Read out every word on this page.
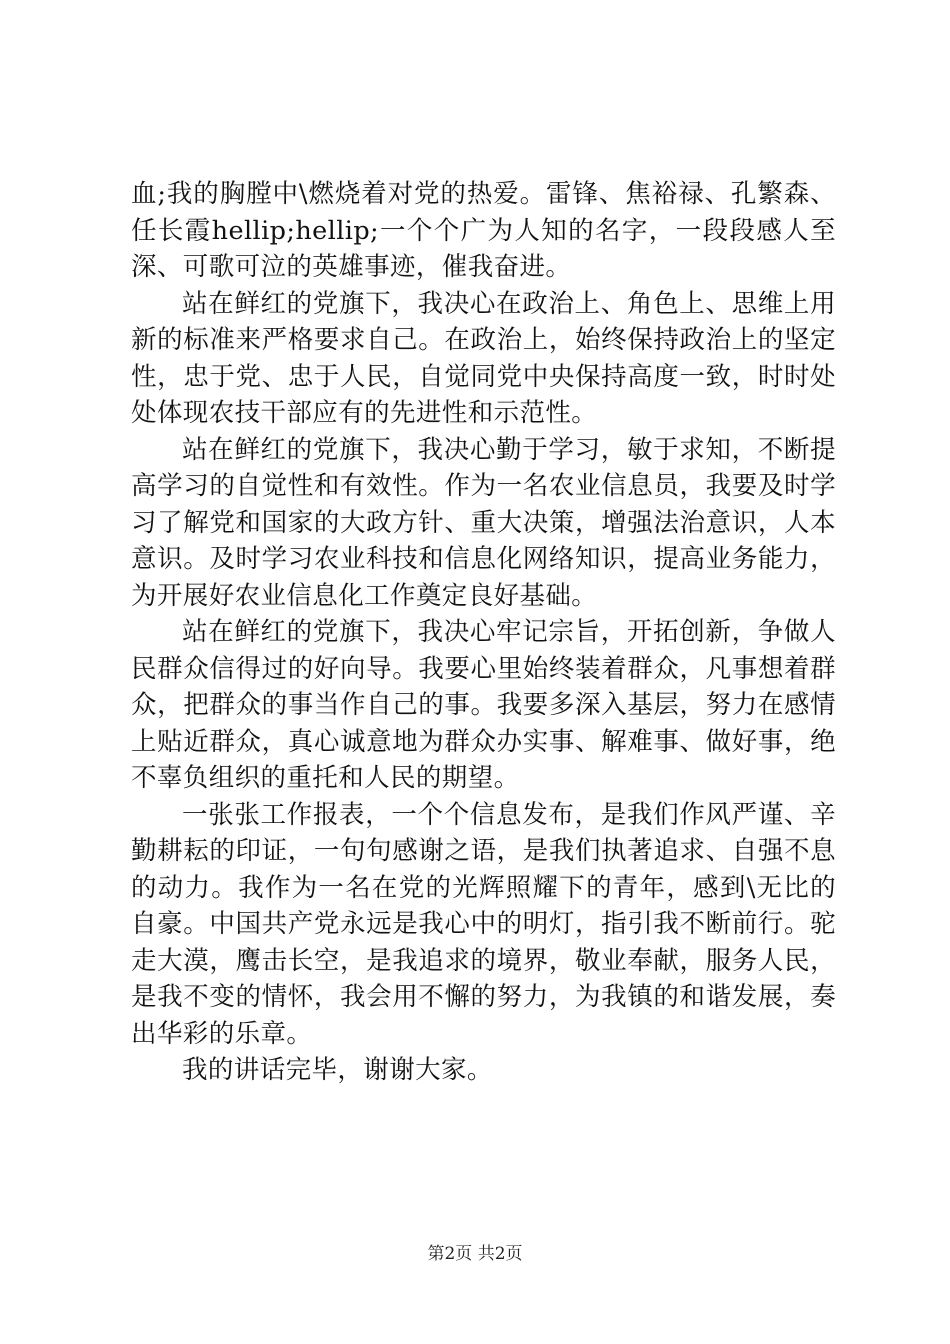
血;我的胸膛中\燃烧着对党的热爱。雷锋、焦裕禄、孔繁森、任长霞hellip;hellip;一个个广为人知的名字，一段段感人至深、可歌可泣的英雄事迹，催我奋进。

站在鲜红的党旗下，我决心在政治上、角色上、思维上用新的标准来严格要求自己。在政治上，始终保持政治上的坚定性，忠于党、忠于人民，自觉同党中央保持高度一致，时时处处体现农技干部应有的先进性和示范性。

站在鲜红的党旗下，我决心勤于学习，敏于求知，不断提高学习的自觉性和有效性。作为一名农业信息员，我要及时学习了解党和国家的大政方针、重大决策，增强法治意识，人本意识。及时学习农业科技和信息化网络知识，提高业务能力，为开展好农业信息化工作奠定良好基础。

站在鲜红的党旗下，我决心牢记宗旨，开拓创新，争做人民群众信得过的好向导。我要心里始终装着群众，凡事想着群众，把群众的事当作自己的事。我要多深入基层，努力在感情上贴近群众，真心诚意地为群众办实事、解难事、做好事，绝不辜负组织的重托和人民的期望。

一张张工作报表，一个个信息发布，是我们作风严谨、辛勤耕耘的印证，一句句感谢之语，是我们执著追求、自强不息的动力。我作为一名在党的光辉照耀下的青年，感到\无比的自豪。中国共产党永远是我心中的明灯，指引我不断前行。驼走大漠，鹰击长空，是我追求的境界，敬业奉献，服务人民，是我不变的情怀，我会用不懈的努力，为我镇的和谐发展，奏出华彩的乐章。

我的讲话完毕，谢谢大家。

第2页 共2页
